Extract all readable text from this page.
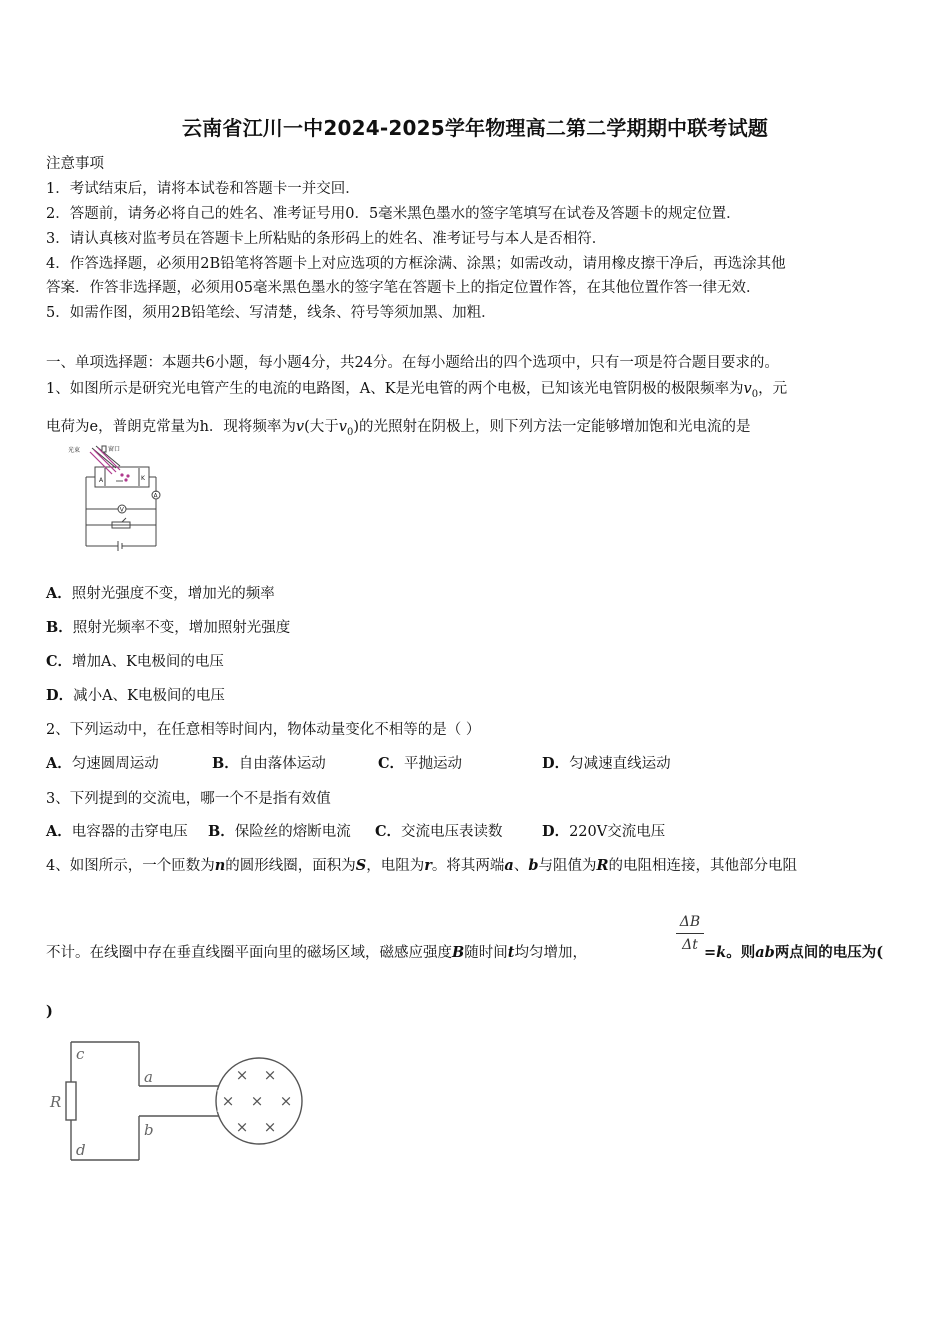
云南省江川一中2024-2025学年物理高二第二学期期中联考试题
注意事项
1．考试结束后，请将本试卷和答题卡一并交回．
2．答题前，请务必将自己的姓名、准考证号用0．5毫米黑色墨水的签字笔填写在试卷及答题卡的规定位置．
3．请认真核对监考员在答题卡上所粘贴的条形码上的姓名、准考证号与本人是否相符．
4．作答选择题，必须用2B铅笔将答题卡上对应选项的方框涂满、涂黑；如需改动，请用橡皮擦干净后，再选涂其他
答案．作答非选择题，必须用05毫米黑色墨水的签字笔在答题卡上的指定位置作答，在其他位置作答一律无效．
5．如需作图，须用2B铅笔绘、写清楚，线条、符号等须加黑、加粗．
一、单项选择题：本题共6小题，每小题4分，共24分。在每小题给出的四个选项中，只有一项是符合题目要求的。
1、如图所示是研究光电管产生的电流的电路图，A、K是光电管的两个电极，已知该光电管阴极的极限频率为$v_0$，元
电荷为e，普朗克常量为h．现将频率为v(大于$v_0$)的光照射在阴极上，则下列方法一定能够增加饱和光电流的是
光束	窗口
A	K
A
V
A．照射光强度不变，增加光的频率
B．照射光频率不变，增加照射光强度
C．增加A、K电极间的电压
D．减小A、K电极间的电压
2、下列运动中，在任意相等时间内，物体动量变化不相等的是（ ）
A．匀速圆周运动	B．自由落体运动	C．平抛运动	D．匀减速直线运动
3、下列提到的交流电，哪一个不是指有效值
A．电容器的击穿电压 B．保险丝的熔断电流 C．交流电压表读数	D．220V交流电压
4、如图所示，一个匝数为n的圆形线圈，面积为S，电阻为r。将其两端a、b与阻值为R的电阻相连接，其他部分电阻
不计。在线圈中存在垂直线圈平面向里的磁场区域，磁感应强度B随时间t均匀增加，
ΔB
Δt =k。则ab两点间的电压为(
)
c
a
R
b
d
× ×
× × ×
× ×
